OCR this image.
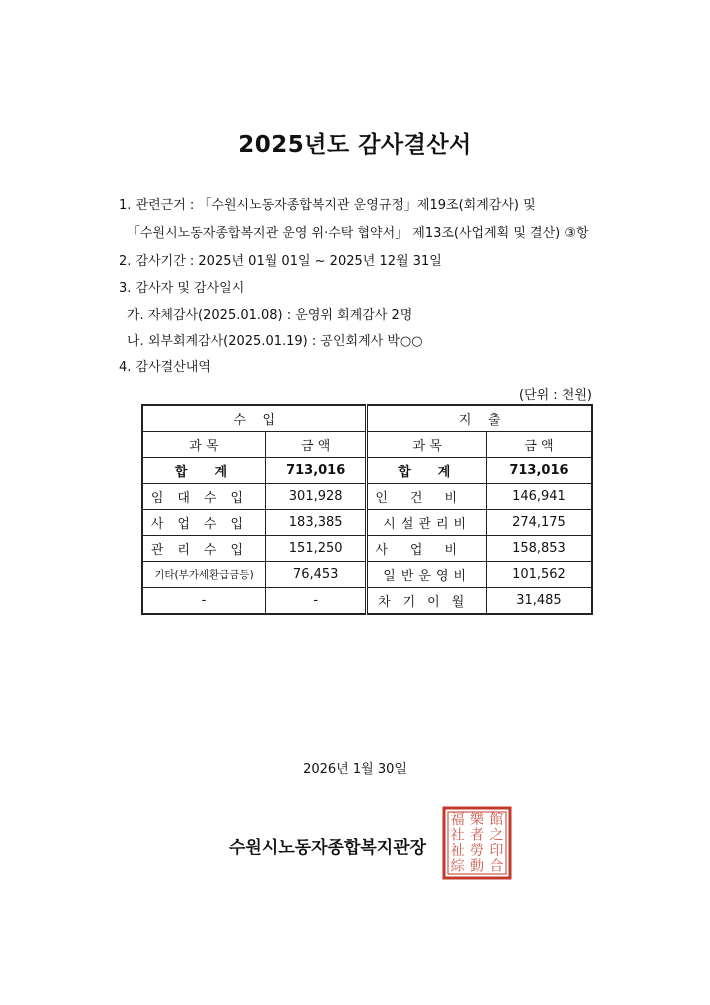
2025년도 감사결산서
1. 관련근거 : 「수원시노동자종합복지관 운영규정」제19조(회계감사) 및
「수원시노동자종합복지관 운영 위·수탁 협약서」 제13조(사업계획 및 결산) ③항
2. 감사기간 : 2025년 01월 01일 ~ 2025년 12월 31일
3. 감사자 및 감사일시
가. 자체감사(2025.01.08) : 운영위 회계감사 2명
나. 외부회계감사(2025.01.19) : 공인회계사 박○○
4. 감사결산내역
(단위 : 천원)
수    입		지    출	
과 목	금 액	과 목	금 액
합  계	713,016	합  계	713,016
임대수입	301,928	인건비	146,941
사업수입	183,385	시설관리비	274,175
관리수입	151,250	사업비	158,853
기타(부가세환급금등)	76,453	일반운영비	101,562
-	-	차기이월	31,485
2026년 1월 30일
수원시노동자종합복지관장
福 樂 館
社 者 之
祉 勞 印
綜 動 合
